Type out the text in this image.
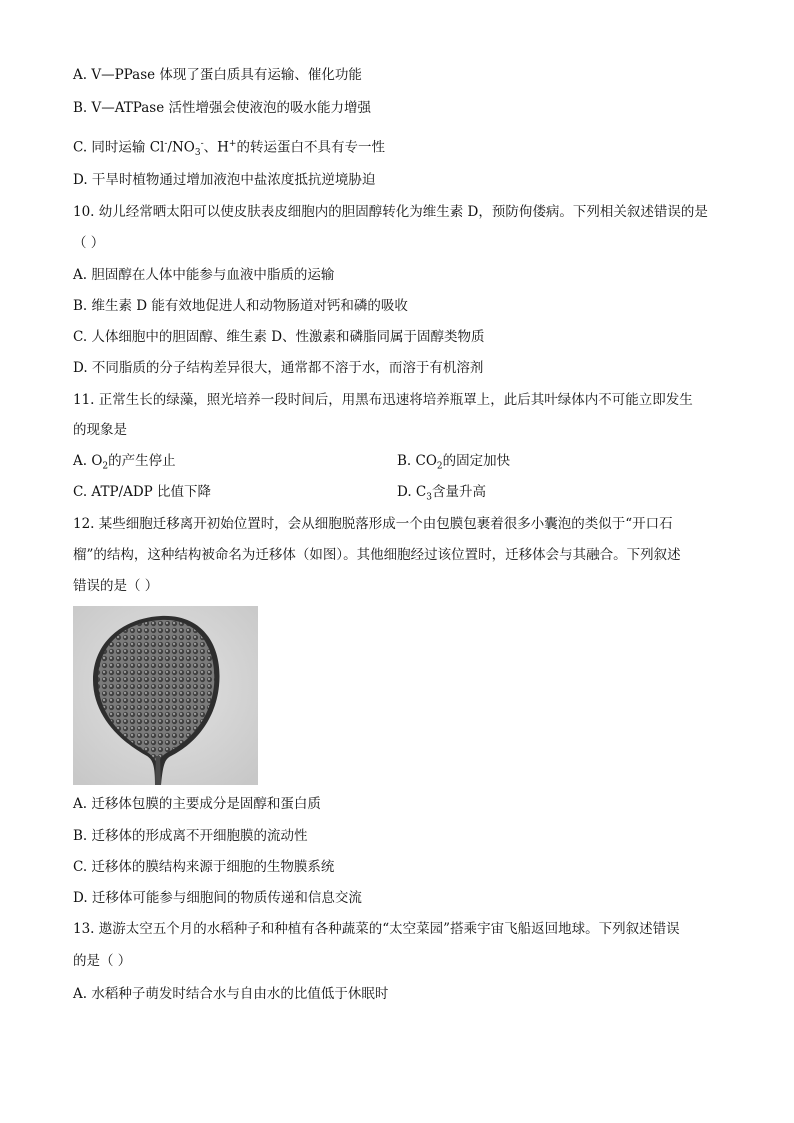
A. V—PPase 体现了蛋白质具有运输、催化功能
B. V—ATPase 活性增强会使液泡的吸水能力增强
C. 同时运输 $Cl^-/NO_3^-$、H+的转运蛋白不具有专一性
D. 干旱时植物通过增加液泡中盐浓度抵抗逆境胁迫
10. 幼儿经常晒太阳可以使皮肤表皮细胞内的胆固醇转化为维生素 D，预防佝偻病。下列相关叙述错误的是
（ ）
A. 胆固醇在人体中能参与血液中脂质的运输
B. 维生素 D 能有效地促进人和动物肠道对钙和磷的吸收
C. 人体细胞中的胆固醇、维生素 D、性激素和磷脂同属于固醇类物质
D. 不同脂质的分子结构差异很大，通常都不溶于水，而溶于有机溶剂
11. 正常生长的绿藻，照光培养一段时间后，用黑布迅速将培养瓶罩上，此后其叶绿体内不可能立即发生
的现象是
A. $O_2$的产生停止	B. $CO_2$的固定加快
C. ATP/ADP 比值下降	D. $C_3$含量升高
12. 某些细胞迁移离开初始位置时，会从细胞脱落形成一个由包膜包裹着很多小囊泡的类似于“开口石
榴”的结构，这种结构被命名为迁移体（如图）。其他细胞经过该位置时，迁移体会与其融合。下列叙述
错误的是（ ）
A. 迁移体包膜的主要成分是固醇和蛋白质
B. 迁移体的形成离不开细胞膜的流动性
C. 迁移体的膜结构来源于细胞的生物膜系统
D. 迁移体可能参与细胞间的物质传递和信息交流
13. 遨游太空五个月的水稻种子和种植有各种蔬菜的“太空菜园”搭乘宇宙飞船返回地球。下列叙述错误
的是（ ）
A. 水稻种子萌发时结合水与自由水的比值低于休眠时
